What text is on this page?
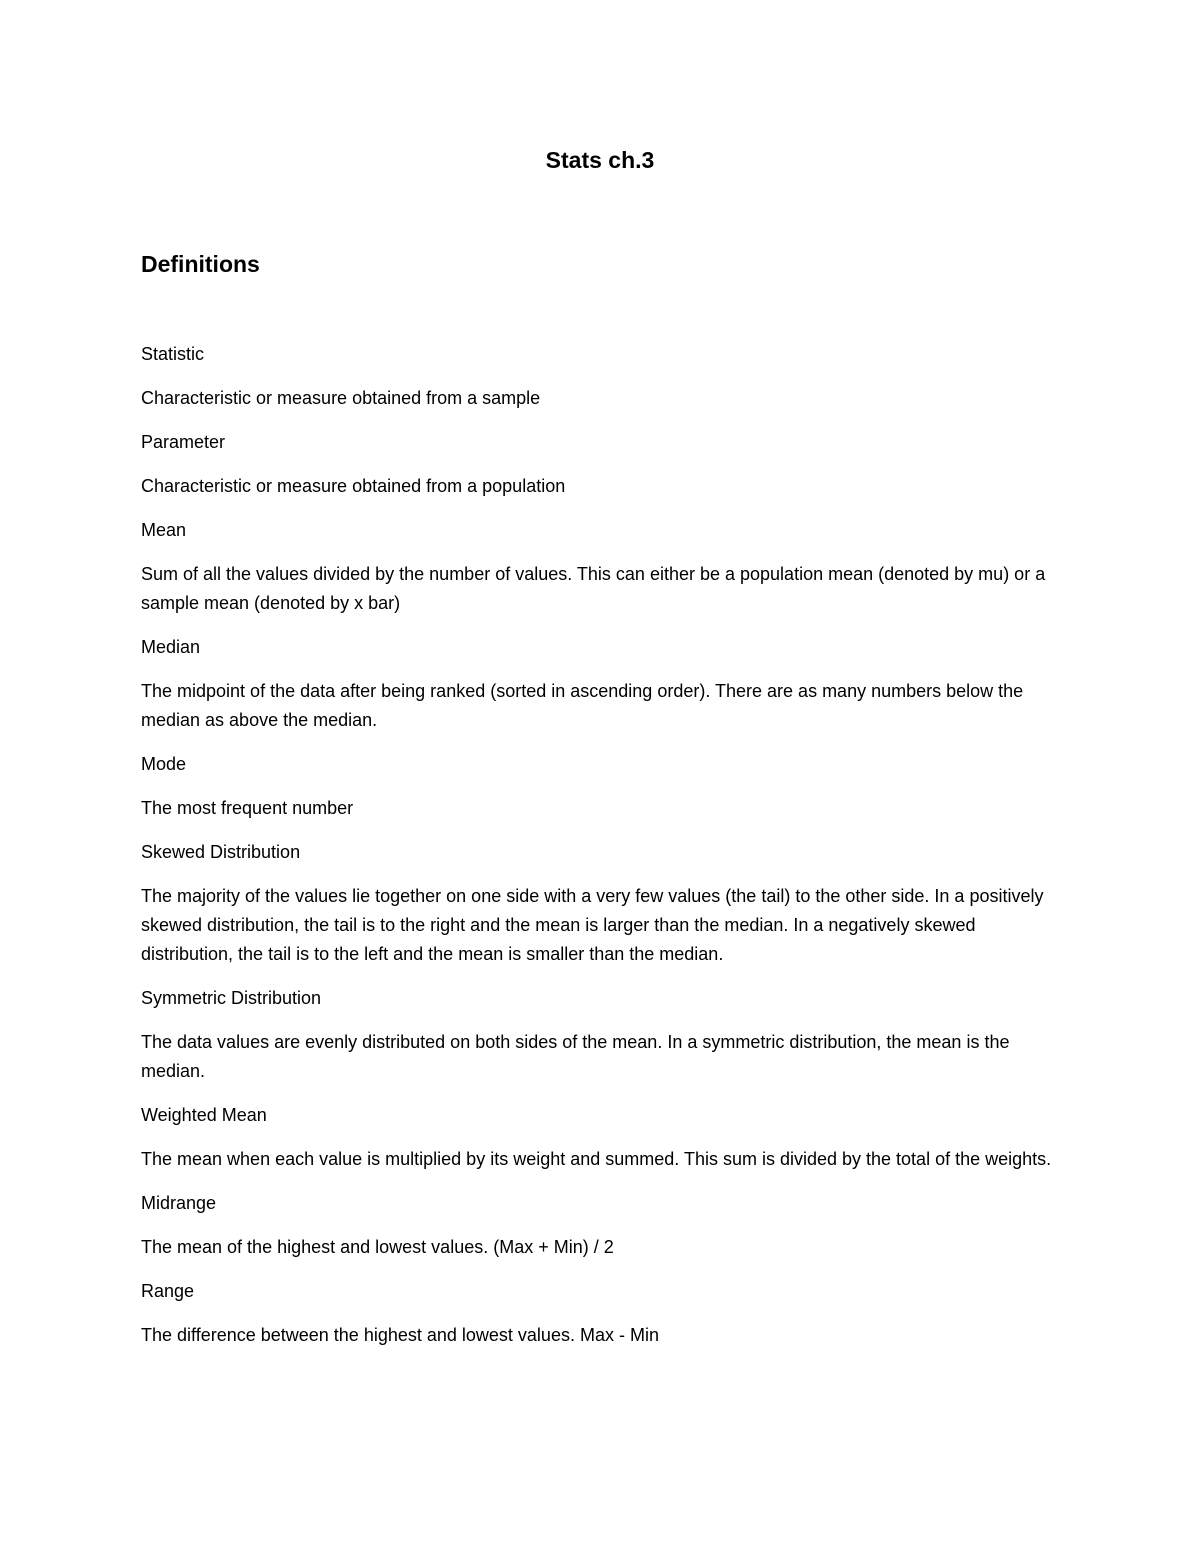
Stats ch.3
Definitions

Statistic

Characteristic or measure obtained from a sample

Parameter

Characteristic or measure obtained from a population

Mean

Sum of all the values divided by the number of values. This can either be a population mean (denoted by mu) or a sample mean (denoted by x bar)

Median

The midpoint of the data after being ranked (sorted in ascending order). There are as many numbers below the median as above the median.

Mode

The most frequent number

Skewed Distribution

The majority of the values lie together on one side with a very few values (the tail) to the other side. In a positively skewed distribution, the tail is to the right and the mean is larger than the median. In a negatively skewed distribution, the tail is to the left and the mean is smaller than the median.

Symmetric Distribution

The data values are evenly distributed on both sides of the mean. In a symmetric distribution, the mean is the median.

Weighted Mean

The mean when each value is multiplied by its weight and summed. This sum is divided by the total of the weights.

Midrange

The mean of the highest and lowest values. (Max + Min) / 2

Range

The difference between the highest and lowest values. Max - Min
